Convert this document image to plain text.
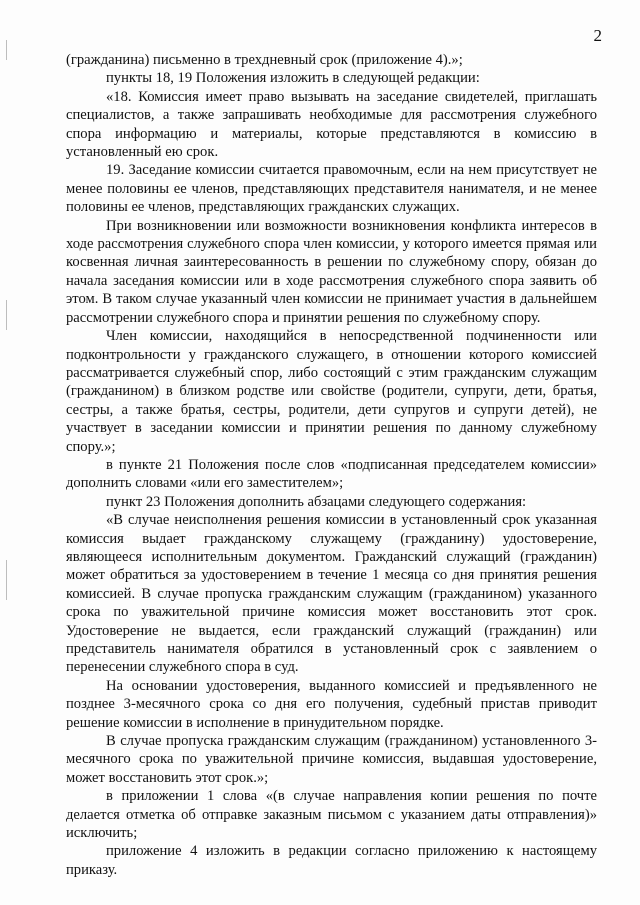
2

(гражданина) письменно в трехдневный срок (приложение 4).»;

пункты 18, 19 Положения изложить в следующей редакции:

«18. Комиссия имеет право вызывать на заседание свидетелей, приглашать специалистов, а также запрашивать необходимые для рассмотрения служебного спора информацию и материалы, которые представляются в комиссию в установленный ею срок.

19. Заседание комиссии считается правомочным, если на нем присутствует не менее половины ее членов, представляющих представителя нанимателя, и не менее половины ее членов, представляющих гражданских служащих.

При возникновении или возможности возникновения конфликта интересов в ходе рассмотрения служебного спора член комиссии, у которого имеется прямая или косвенная личная заинтересованность в решении по служебному спору, обязан до начала заседания комиссии или в ходе рассмотрения служебного спора заявить об этом. В таком случае указанный член комиссии не принимает участия в дальнейшем рассмотрении служебного спора и принятии решения по служебному спору.

Член комиссии, находящийся в непосредственной подчиненности или подконтрольности у гражданского служащего, в отношении которого комиссией рассматривается служебный спор, либо состоящий с этим гражданским служащим (гражданином) в близком родстве или свойстве (родители, супруги, дети, братья, сестры, а также братья, сестры, родители, дети супругов и супруги детей), не участвует в заседании комиссии и принятии решения по данному служебному спору.»;

в пункте 21 Положения после слов «подписанная председателем комиссии» дополнить словами «или его заместителем»;

пункт 23 Положения дополнить абзацами следующего содержания:

«В случае неисполнения решения комиссии в установленный срок указанная комиссия выдает гражданскому служащему (гражданину) удостоверение, являющееся исполнительным документом. Гражданский служащий (гражданин) может обратиться за удостоверением в течение 1 месяца со дня принятия решения комиссией. В случае пропуска гражданским служащим (гражданином) указанного срока по уважительной причине комиссия может восстановить этот срок. Удостоверение не выдается, если гражданский служащий (гражданин) или представитель нанимателя обратился в установленный срок с заявлением о перенесении служебного спора в суд.

На основании удостоверения, выданного комиссией и предъявленного не позднее 3-месячного срока со дня его получения, судебный пристав приводит решение комиссии в исполнение в принудительном порядке.

В случае пропуска гражданским служащим (гражданином) установленного 3-месячного срока по уважительной причине комиссия, выдавшая удостоверение, может восстановить этот срок.»;

в приложении 1 слова «(в случае направления копии решения по почте делается отметка об отправке заказным письмом с указанием даты отправления)» исключить;

приложение 4 изложить в редакции согласно приложению к настоящему приказу.
